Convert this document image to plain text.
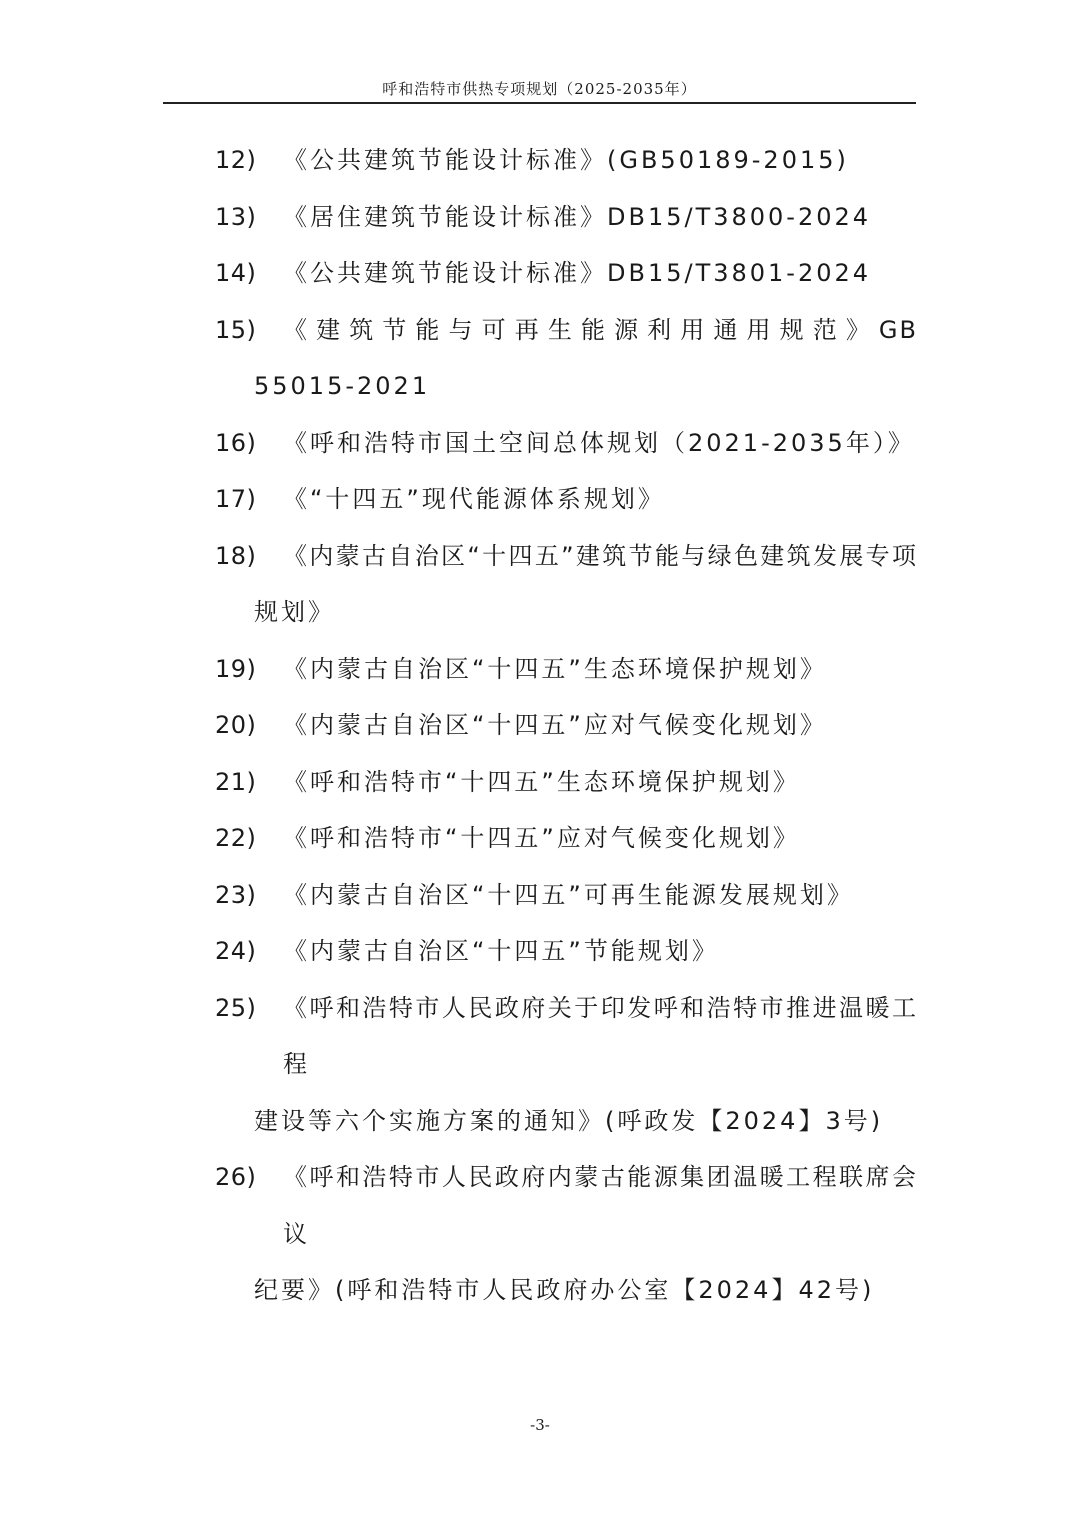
呼和浩特市供热专项规划（2025-2035年）
12) 《公共建筑节能设计标准》(GB50189-2015)
13) 《居住建筑节能设计标准》DB15/T3800-2024
14) 《公共建筑节能设计标准》DB15/T3801-2024
15) 《建筑节能与可再生能源利用通用规范》GB
55015-2021
16) 《呼和浩特市国土空间总体规划（2021-2035年）》
17) 《“十四五”现代能源体系规划》
18) 《内蒙古自治区“十四五”建筑节能与绿色建筑发展专项
规划》
19) 《内蒙古自治区“十四五”生态环境保护规划》
20) 《内蒙古自治区“十四五”应对气候变化规划》
21) 《呼和浩特市“十四五”生态环境保护规划》
22) 《呼和浩特市“十四五”应对气候变化规划》
23) 《内蒙古自治区“十四五”可再生能源发展规划》
24) 《内蒙古自治区“十四五”节能规划》
25) 《呼和浩特市人民政府关于印发呼和浩特市推进温暖工程
建设等六个实施方案的通知》(呼政发【2024】3号)
26) 《呼和浩特市人民政府内蒙古能源集团温暖工程联席会议
纪要》(呼和浩特市人民政府办公室【2024】42号)
-3-
